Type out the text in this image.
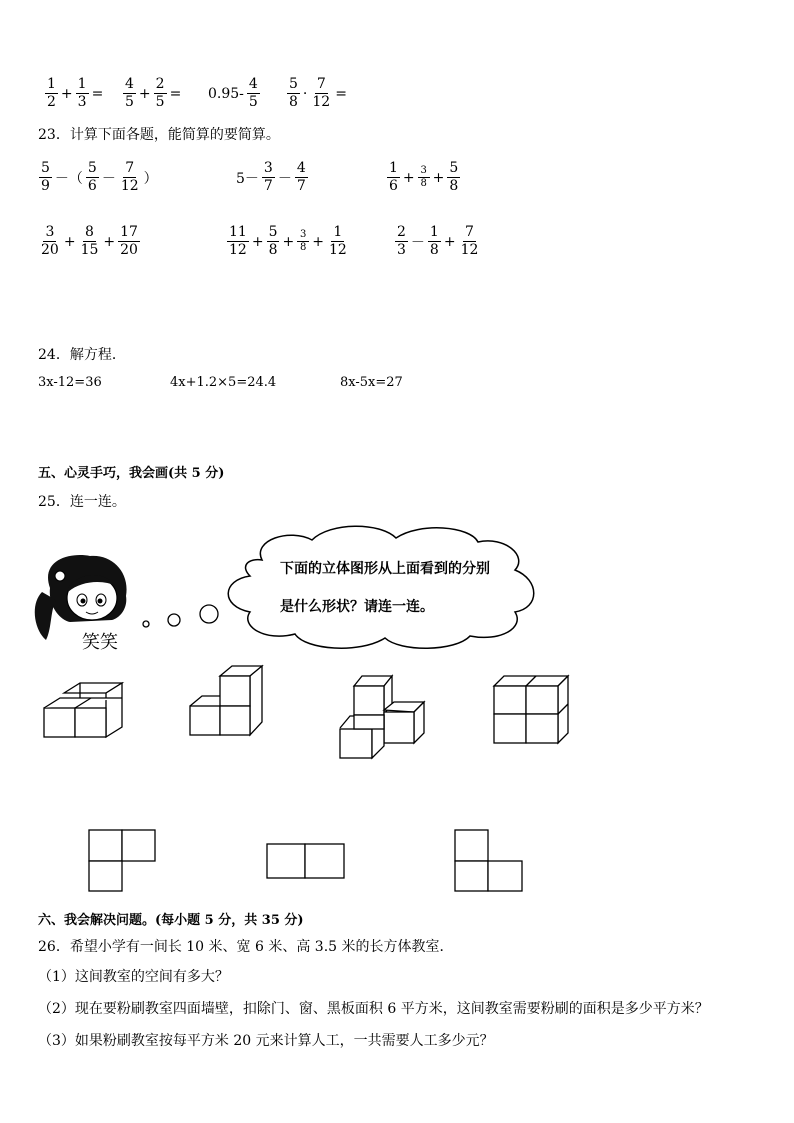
$\frac{1}{2} + \frac{1}{3} = \frac{4}{5} + \frac{2}{5} = 0.95- \frac{4}{5} \frac{5}{8} \cdot \frac{7}{12}$ =
23．计算下面各题，能简算的要简算。
$\frac{5}{9}$ －（ $\frac{5}{6} - \frac{7}{12}$ ）	$5- \frac{3}{7} - \frac{4}{7}$	$\frac{1}{6} + \frac{3}{8} + \frac{5}{8}$
$\frac{3}{20} + \frac{8}{15} + \frac{17}{20}$	$\frac{11}{12} + \frac{5}{8} + \frac{3}{8} + \frac{1}{12}$	$\frac{2}{3} - \frac{1}{8} + \frac{7}{12}$
24．解方程．
3x-12=36	4x+1.2×5=24.4	8x-5x=27
五、心灵手巧，我会画(共 5 分)
25．连一连。
下面的立体图形从上面看到的分别
是什么形状？请连一连。
笑笑
六、我会解决问题。(每小题 5 分，共 35 分)
26．希望小学有一间长 10 米、宽 6 米、高 3.5 米的长方体教室．
（1）这间教室的空间有多大？
（2）现在要粉刷教室四面墙壁，扣除门、窗、黑板面积 6 平方米，这间教室需要粉刷的面积是多少平方米？
（3）如果粉刷教室按每平方米 20 元来计算人工，一共需要人工多少元？
